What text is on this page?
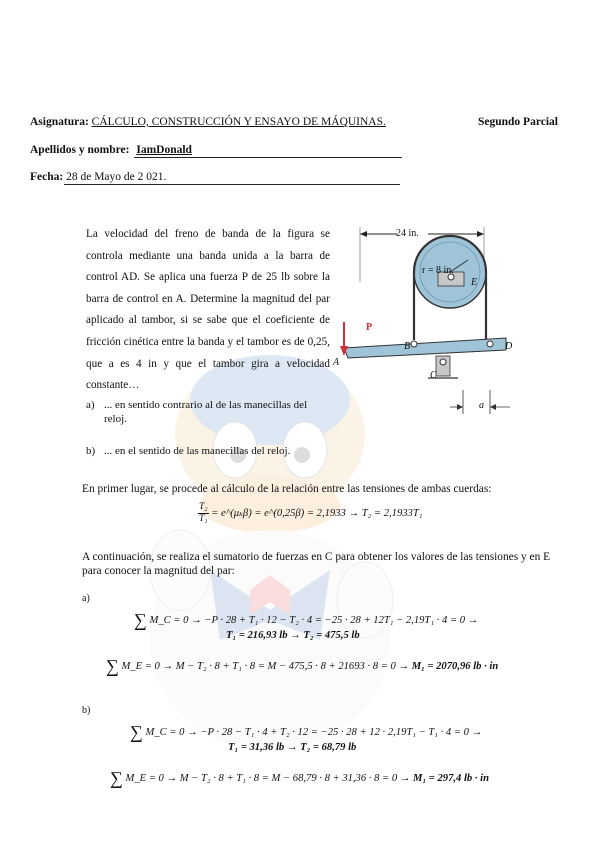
Asignatura: CÁLCULO, CONSTRUCCIÓN Y ENSAYO DE MÁQUINAS.	Segundo Parcial
Apellidos y nombre: IamDonald
Fecha: 28 de Mayo de 2 021.
La velocidad del freno de banda de la figura se controla mediante una banda unida a la barra de control AD. Se aplica una fuerza P de 25 lb sobre la barra de control en A. Determine la magnitud del par aplicado al tambor, si se sabe que el coeficiente de fricción cinética entre la banda y el tambor es de 0,25, que a es 4 in y que el tambor gira a velocidad constante…
a) ... en sentido contrario al de las manecillas del reloj.
b) ... en el sentido de las manecillas del reloj.
24 in.
r = 8 in.
P
A
B
C
D
E
a
En primer lugar, se procede al cálculo de la relación entre las tensiones de ambas cuerdas:
$\frac{\text{T₂}}{\text{T₁}}$ = e^(μₖβ) = e^(0,25β) = 2,1933 → T₂ = 2,1933T₁
A continuación, se realiza el sumatorio de fuerzas en C para obtener los valores de las tensiones y en E para conocer la magnitud del par:
a)
∑ M_C = 0 → −P · 28 + T₁ · 12 − T₂ · 4 = −25 · 28 + 12T₁ − 2,19T₁ · 4 = 0 →
T₁ = 216,93 lb → T₂ = 475,5 lb
∑ M_E = 0 → M − T₂ · 8 + T₁ · 8 = M − 475,5 · 8 + 21693 · 8 = 0 → M₁ = 2070,96 lb · in
b)
∑ M_C = 0 → −P · 28 − T₁ · 4 + T₂ · 12 = −25 · 28 + 12 · 2,19T₁ − T₁ · 4 = 0 →
T₁ = 31,36 lb → T₂ = 68,79 lb
∑ M_E = 0 → M − T₂ · 8 + T₁ · 8 = M − 68,79 · 8 + 31,36 · 8 = 0 → M₁ = 297,4 lb · in
